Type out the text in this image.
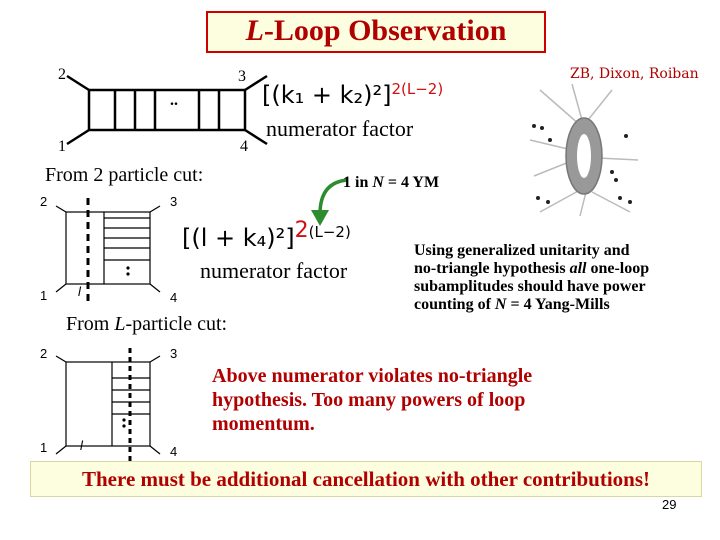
L-Loop Observation
ZB, Dixon, Roiban
2	3
1	4
..	$[(k_1 + k_2)^2]^{2(L-2)}$
numerator factor
1 in N = 4 YM
From 2 particle cut:
2	3
1	4
l
$[(l + k_4)^2]^{2(L-2)}$
numerator factor
From L-particle cut:
Using generalized unitarity and
no-triangle hypothesis all one-loop
subamplitudes should have power
counting of N = 4 Yang-Mills
2	3
1	4
l
Above numerator violates no-triangle
hypothesis. Too many powers of loop
momentum.
There must be additional cancellation with other contributions!
29
